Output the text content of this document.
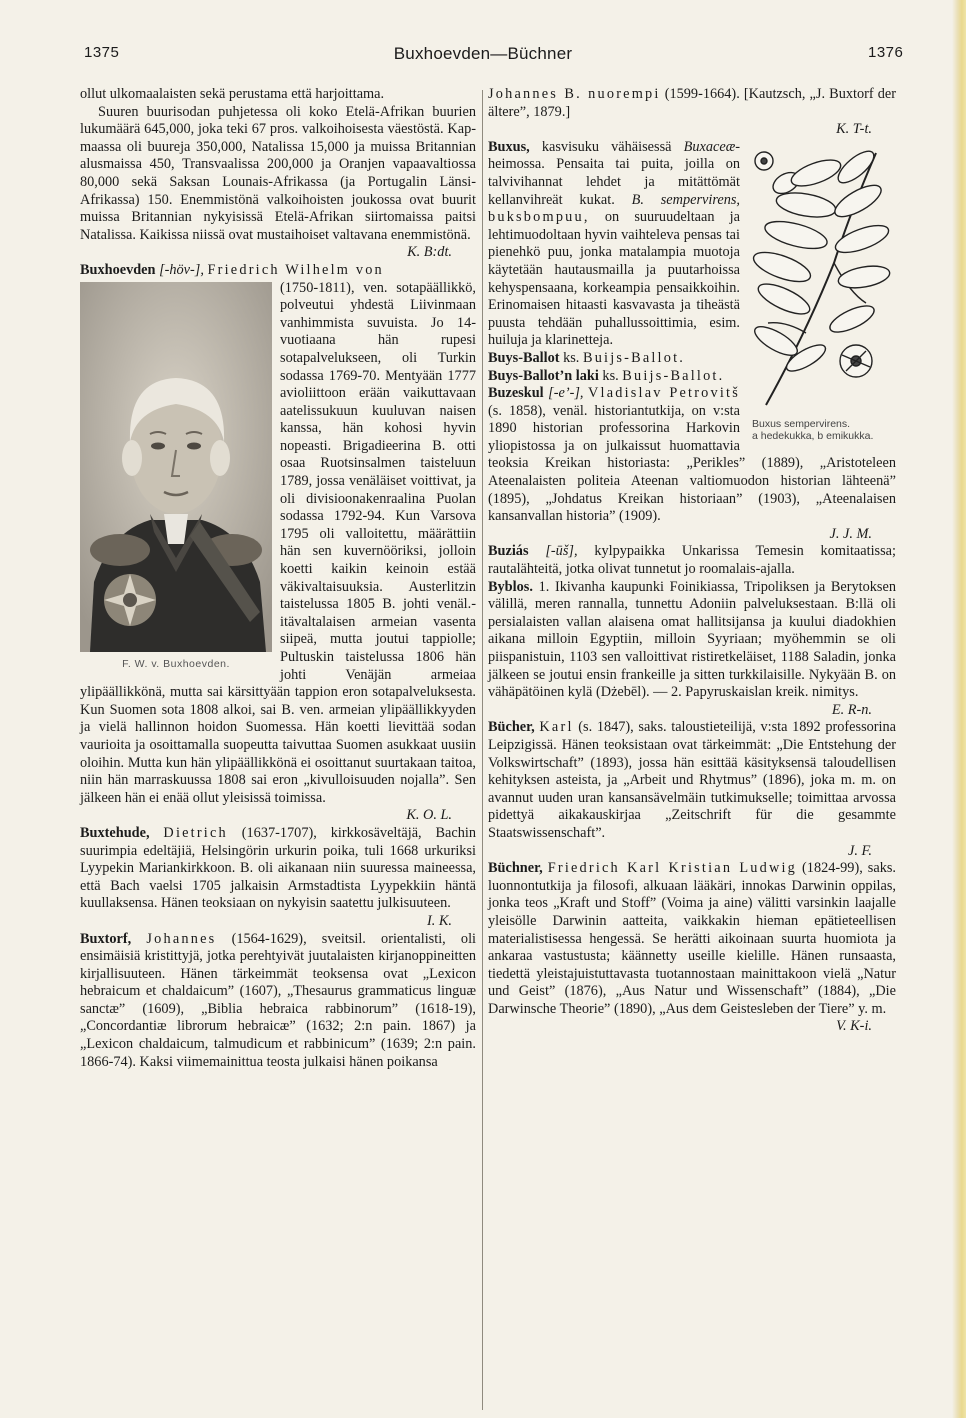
1375	Buxhoevden—Büchner	1376

ollut ulkomaalaisten sekä perustama että harjoittama.

Suuren buurisodan puhjetessa oli koko Etelä-Afrikan buurien lukumäärä 645,000, joka teki 67 pros. valkoihoisesta väestöstä. Kap-maassa oli buureja 350,000, Natalissa 15,000 ja muissa Britannian alusmaissa 450, Transvaalissa 200,000 ja Oranjen vapaavaltiossa 80,000 sekä Saksan Lounais-Afrikassa (ja Portugalin Länsi-Afrikassa) 150. Enemmistönä valkoihoisten joukossa ovat buurit muissa Britannian nykyisissä Etelä-Afrikan siirtomaissa paitsi Natalissa. Kaikissa niissä ovat mustaihoiset valtavana enemmistönä.

K. B:dt.

Buxhoevden [-höv-], Friedrich Wilhelm von

F. W. v. Buxhoevden.

(1750-1811), ven. sotapäällikkö, polveutui yhdestä Liivinmaan vanhimmista suvuista. Jo 14-vuotiaana hän rupesi sotapalvelukseen, oli Turkin sodassa 1769-70. Mentyään 1777 avioliittoon erään vaikuttavaan aatelissukuun kuuluvan naisen kanssa, hän kohosi hyvin nopeasti. Brigadieerina B. otti osaa Ruotsinsalmen taisteluun 1789, jossa venäläiset voittivat, ja oli divisioonakenraalina Puolan sodassa 1792-94. Kun Varsova 1795 oli valloitettu, määrättiin hän sen kuvernööriksi, jolloin koetti kaikin keinoin estää väkivaltaisuuksia. Austerlitzin taistelussa 1805 B. johti venäl.-itävaltalaisen armeian vasenta siipeä, mutta joutui tappiolle; Pultuskin taistelussa 1806 hän johti Venäjän armeiaa ylipäällikkönä, mutta sai kärsittyään tappion eron sotapalveluksesta. Kun Suomen sota 1808 alkoi, sai B. ven. armeian ylipäällikkyyden ja vielä hallinnon hoidon Suomessa. Hän koetti lievittää sodan vaurioita ja osoittamalla suopeutta taivuttaa Suomen asukkaat uusiin oloihin. Mutta kun hän ylipäällikkönä ei osoittanut suurtakaan taitoa, niin hän marraskuussa 1808 sai eron „kivulloisuuden nojalla”. Sen jälkeen hän ei enää ollut yleisissä toimissa.

K. O. L.

Buxtehude, Dietrich (1637-1707), kirkkosäveltäjä, Bachin suurimpia edeltäjiä, Helsingörin urkurin poika, tuli 1668 urkuriksi Lyypekin Mariankirkkoon. B. oli aikanaan niin suuressa maineessa, että Bach vaelsi 1705 jalkaisin Armstadtista Lyypekkiin häntä kuullaksensa. Hänen teoksiaan on nykyisin saatettu julkisuuteen.

I. K.

Buxtorf, Johannes (1564-1629), sveitsil. orientalisti, oli ensimäisiä kristittyjä, jotka perehtyivät juutalaisten kirjanoppineitten kirjallisuuteen. Hänen tärkeimmät teoksensa ovat „Lexicon hebraicum et chaldaicum” (1607), „Thesaurus grammaticus linguæ sanctæ” (1609), „Biblia hebraica rabbinorum” (1618-19), „Concordantiæ librorum hebraicæ” (1632; 2:n pain. 1867) ja „Lexicon chaldaicum, talmudicum et rabbinicum” (1639; 2:n pain. 1866-74). Kaksi viimemainittua teosta julkaisi hänen poikansa

Johannes B. nuorempi (1599-1664). [Kautzsch, „J. Buxtorf der ältere”, 1879.]

K. T-t.

Buxus sempervirens.
a hedekukka, b emikukka.

Buxus, kasvisuku vähäisessä Buxaceæ-heimossa. Pensaita tai puita, joilla on talvivihannat lehdet ja mitättömät kellanvihreät kukat. B. sempervirens, buksbompuu, on suuruudeltaan ja lehtimuodoltaan hyvin vaihteleva pensas tai pienehkö puu, jonka matalampia muotoja käytetään hautausmailla ja puutarhoissa kehyspensaana, korkeampia pensaikkoihin. Erinomaisen hitaasti kasvavasta ja tiheästä puusta tehdään puhallussoittimia, esim. huiluja ja klarinetteja.

Buys-Ballot ks. Buijs-Ballot.

Buys-Ballot’n laki ks. Buijs-Ballot.

Buzeskul [-e’-], Vladislav Petrovitš (s. 1858), venäl. historiantutkija, on v:sta 1890 historian professorina Harkovin yliopistossa ja on julkaissut huomattavia teoksia Kreikan historiasta: „Perikles” (1889), „Aristoteleen Ateenalaisten politeia Ateenan valtiomuodon historian lähteenä” (1895), „Johdatus Kreikan historiaan” (1903), „Ateenalaisen kansanvallan historia” (1909).

J. J. M.

Buziás [-ūš], kylpypaikka Unkarissa Temesin komitaatissa; rautalähteitä, jotka olivat tunnetut jo roomalais-ajalla.

Byblos. 1. Ikivanha kaupunki Foinikiassa, Tripoliksen ja Berytoksen välillä, meren rannalla, tunnettu Adoniin palveluksestaan. B:llä oli persialaisten vallan alaisena omat hallitsijansa ja kuului diadokhien aikana milloin Egyptiin, milloin Syyriaan; myöhemmin se oli piispanistuin, 1103 sen valloittivat ristiretkeläiset, 1188 Saladin, jonka jälkeen se joutui ensin frankeille ja sitten turkkilaisille. Nykyään B. on vähäpätöinen kylä (Dżebēl). — 2. Papyruskaislan kreik. nimitys.

E. R-n.

Bücher, Karl (s. 1847), saks. taloustieteilijä, v:sta 1892 professorina Leipzigissä. Hänen teoksistaan ovat tärkeimmät: „Die Entstehung der Volkswirtschaft” (1893), jossa hän esittää käsityksensä taloudellisen kehityksen asteista, ja „Arbeit und Rhytmus” (1896), joka m. m. on avannut uuden uran kansansävelmäin tutkimukselle; toimittaa arvossa pidettyä aikakauskirjaa „Zeitschrift für die gesammte Staatswissenschaft”.

J. F.

Büchner, Friedrich Karl Kristian Ludwig (1824-99), saks. luonnontutkija ja filosofi, alkuaan lääkäri, innokas Darwinin oppilas, jonka teos „Kraft und Stoff” (Voima ja aine) välitti varsinkin laajalle yleisölle Darwinin aatteita, vaikkakin hieman epätieteellisen materialistisessa hengessä. Se herätti aikoinaan suurta huomiota ja ankaraa vastustusta; käännetty useille kielille. Hänen runsaasta, tiedettä yleistajuistuttavasta tuotannostaan mainittakoon vielä „Natur und Geist” (1876), „Aus Natur und Wissenschaft” (1884), „Die Darwinsche Theorie” (1890), „Aus dem Geistesleben der Tiere” y. m.

V. K-i.
